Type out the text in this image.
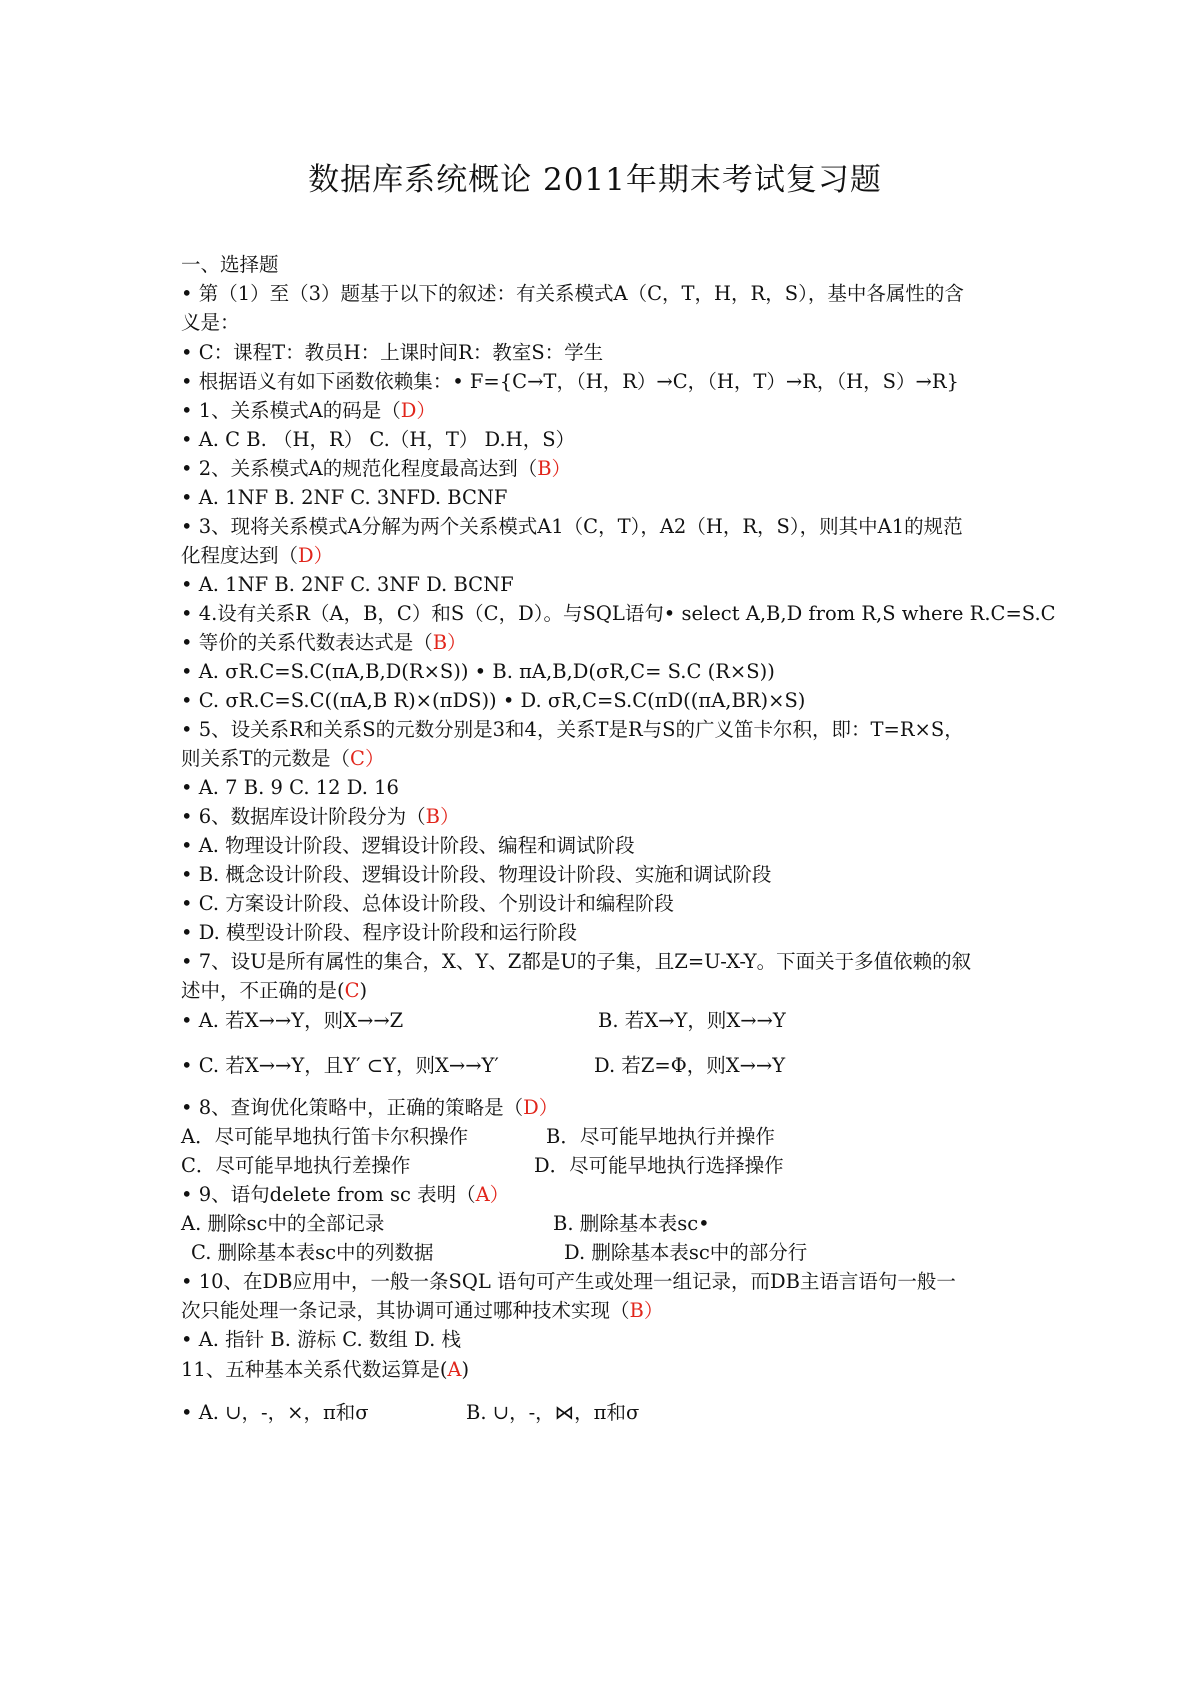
数据库系统概论 2011年期末考试复习题
一、选择题
• 第（1）至（3）题基于以下的叙述：有关系模式A（C，T，H，R，S），基中各属性的含
义是：
• C：课程T：教员H：上课时间R：教室S：学生
• 根据语义有如下函数依赖集：• F={C→T，（H，R）→C，（H，T）→R，（H，S）→R}
• 1、关系模式A的码是（D）
• A. C B. （H，R） C.（H，T） D.H，S）
• 2、关系模式A的规范化程度最高达到（B）
• A. 1NF B. 2NF C. 3NFD. BCNF
• 3、现将关系模式A分解为两个关系模式A1（C，T），A2（H，R，S），则其中A1的规范
化程度达到（D）
• A. 1NF B. 2NF C. 3NF D. BCNF
• 4.设有关系R（A，B，C）和S（C，D）。与SQL语句• select A,B,D from R,S where R.C=S.C
• 等价的关系代数表达式是（B）
• A. σR.C=S.C(πA,B,D(R×S)) • B. πA,B,D(σR,C= S.C (R×S))
• C. σR.C=S.C((πA,B R)×(πDS)) • D. σR,C=S.C(πD((πA,BR)×S)
• 5、设关系R和关系S的元数分别是3和4，关系T是R与S的广义笛卡尔积，即：T=R×S，
则关系T的元数是（C）
• A. 7 B. 9 C. 12 D. 16
• 6、数据库设计阶段分为（B）
• A. 物理设计阶段、逻辑设计阶段、编程和调试阶段
• B. 概念设计阶段、逻辑设计阶段、物理设计阶段、实施和调试阶段
• C. 方案设计阶段、总体设计阶段、个别设计和编程阶段
• D. 模型设计阶段、程序设计阶段和运行阶段
• 7、设U是所有属性的集合，X、Y、Z都是U的子集，且Z=U-X-Y。下面关于多值依赖的叙
述中，不正确的是(C)
• A. 若X→→Y，则X→→Z	B. 若X→Y，则X→→Y
• C. 若X→→Y，且Y′ ⊂Y，则X→→Y′	D. 若Z=Φ，则X→→Y
• 8、查询优化策略中，正确的策略是（D）
A．尽可能早地执行笛卡尔积操作	B．尽可能早地执行并操作
C．尽可能早地执行差操作	D．尽可能早地执行选择操作
• 9、语句delete from sc 表明（A）
A. 删除sc中的全部记录	B. 删除基本表sc•
C. 删除基本表sc中的列数据	D. 删除基本表sc中的部分行
• 10、在DB应用中，一般一条SQL 语句可产生或处理一组记录，而DB主语言语句一般一
次只能处理一条记录，其协调可通过哪种技术实现（B）
• A. 指针 B. 游标 C. 数组 D. 栈
11、五种基本关系代数运算是(A)
• A. ∪，-，×，π和σ	B. ∪，-，⋈，π和σ
